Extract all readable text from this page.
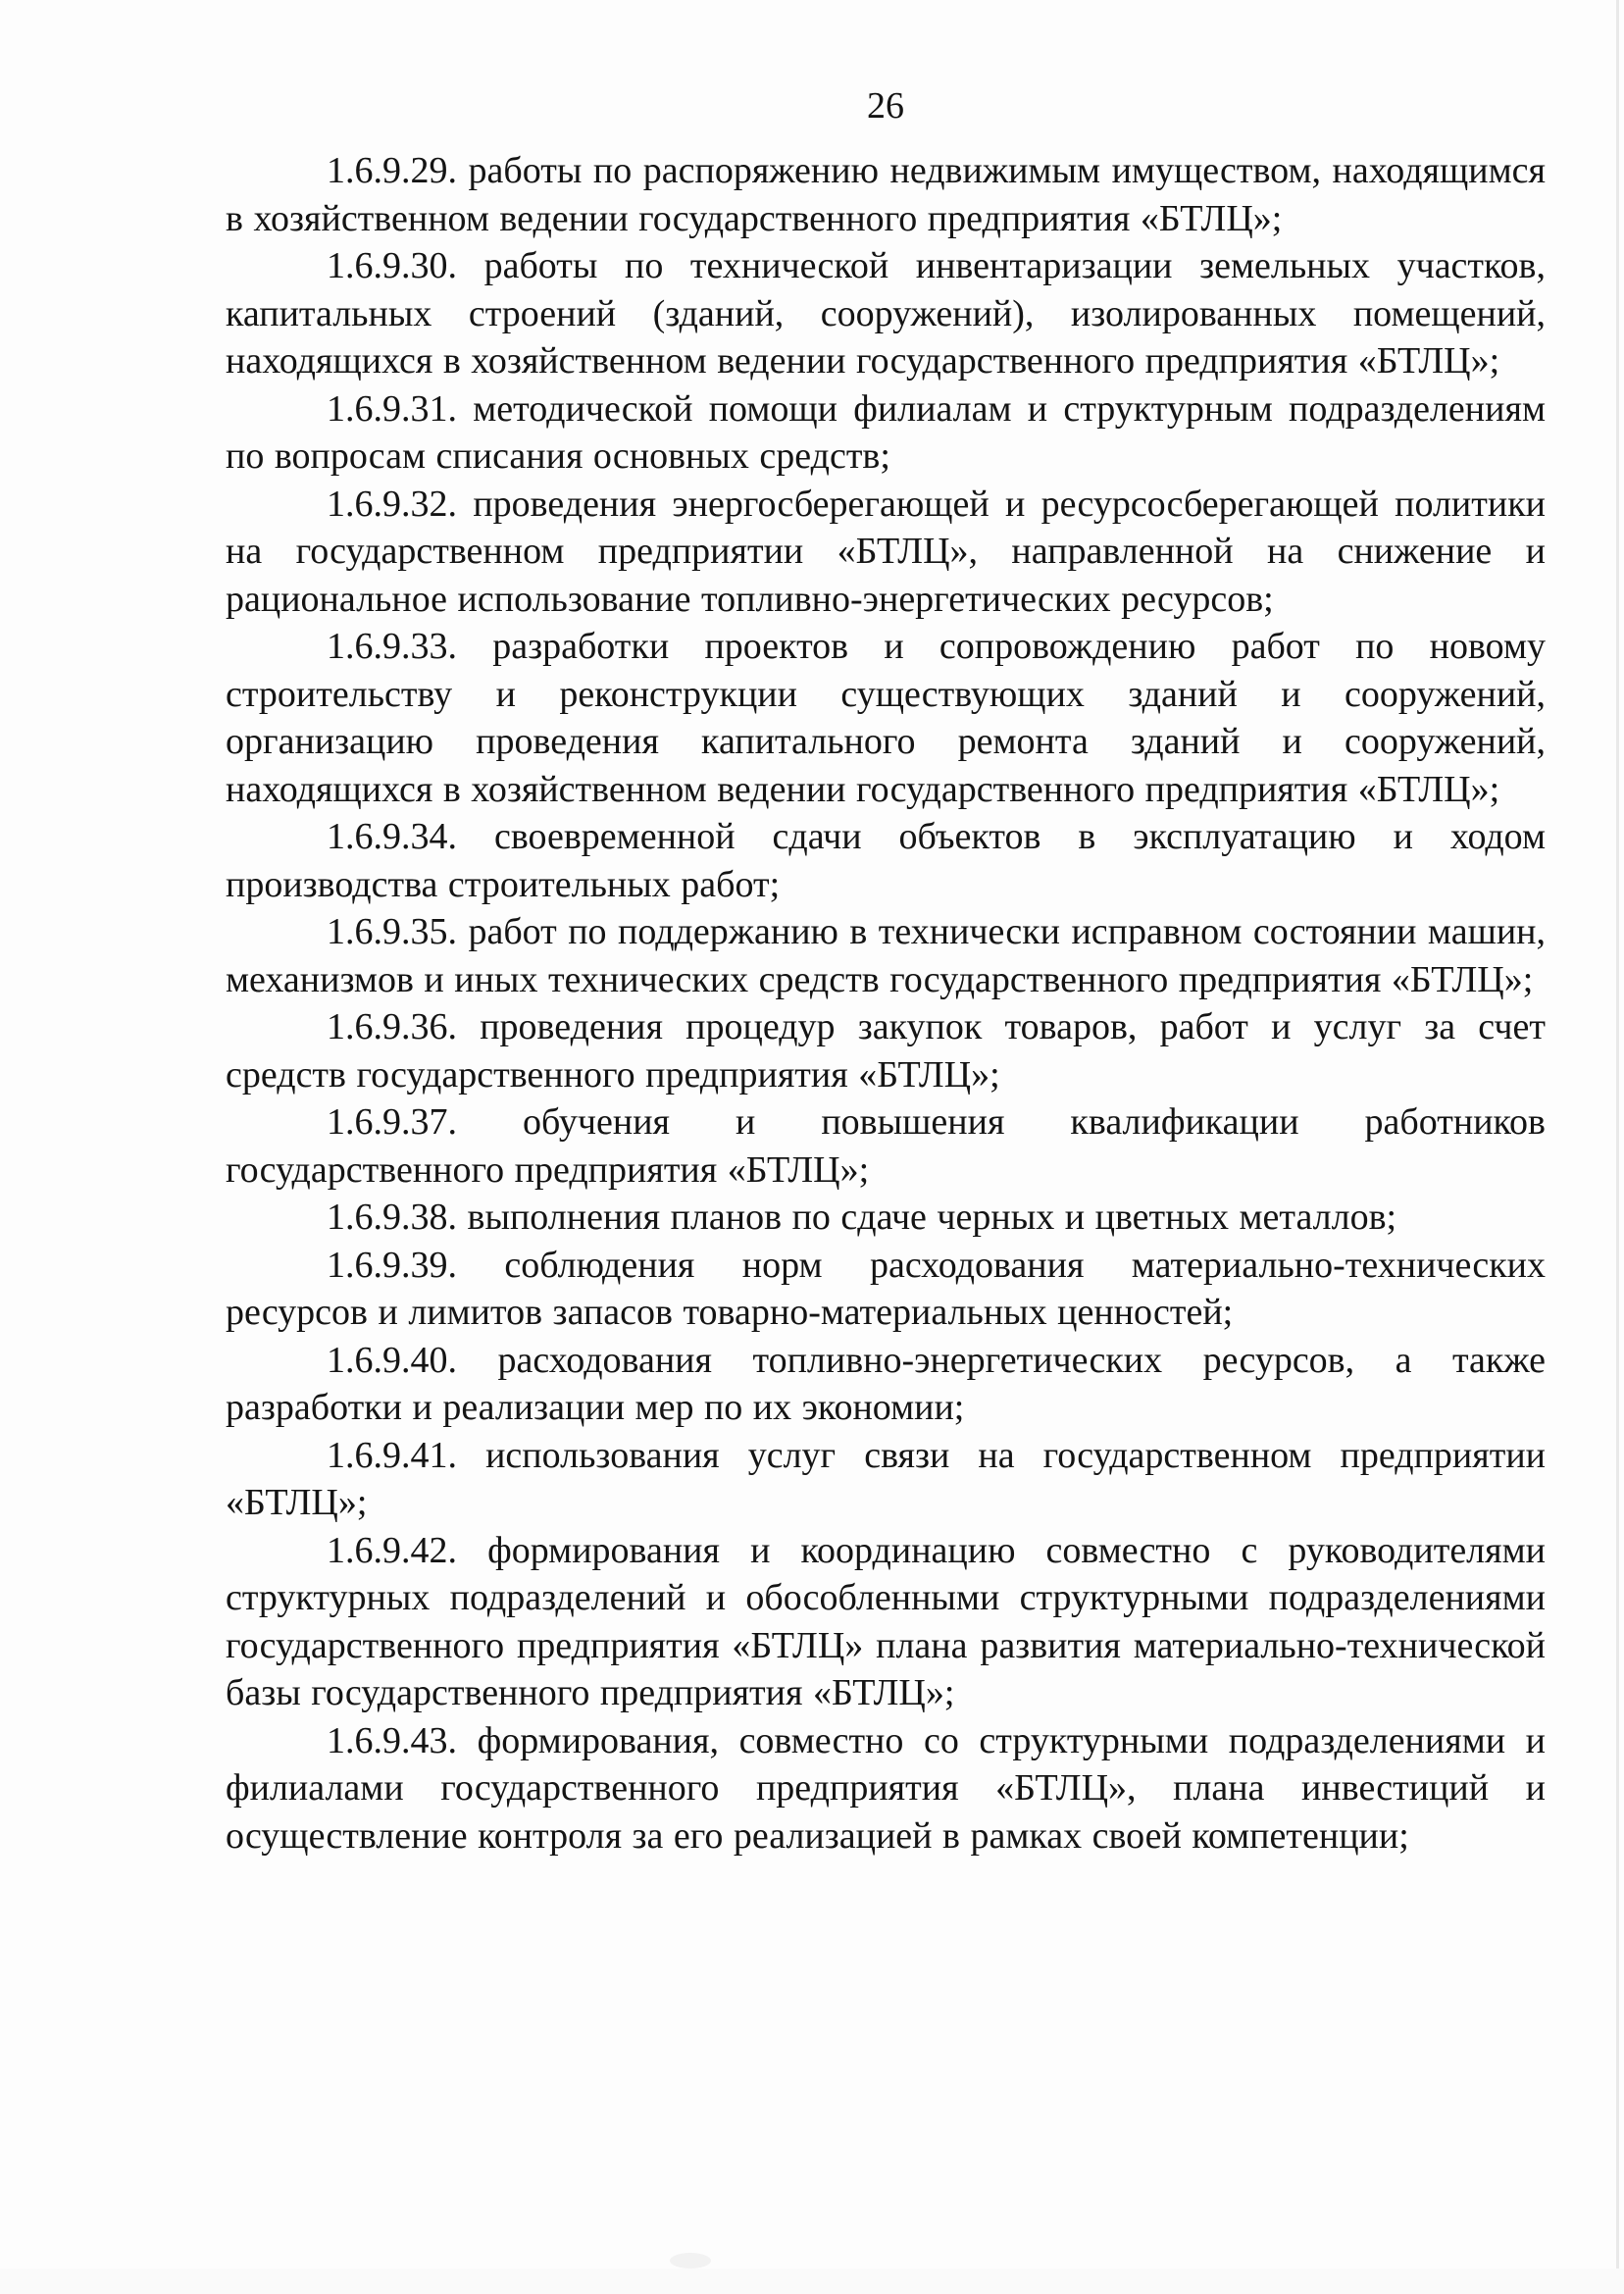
26

1.6.9.29. работы по распоряжению недвижимым имуществом, находящимся в хозяйственном ведении государственного предприятия «БТЛЦ»;

1.6.9.30. работы по технической инвентаризации земельных участков, капитальных строений (зданий, сооружений), изолированных помещений, находящихся в хозяйственном ведении государственного предприятия «БТЛЦ»;

1.6.9.31. методической помощи филиалам и структурным подразделениям по вопросам списания основных средств;

1.6.9.32. проведения энергосберегающей и ресурсосберегающей политики на государственном предприятии «БТЛЦ», направленной на снижение и рациональное использование топливно-энергетических ресурсов;

1.6.9.33. разработки проектов и сопровождению работ по новому строительству и реконструкции существующих зданий и сооружений, организацию проведения капитального ремонта зданий и сооружений, находящихся в хозяйственном ведении государственного предприятия «БТЛЦ»;

1.6.9.34. своевременной сдачи объектов в эксплуатацию и ходом производства строительных работ;

1.6.9.35. работ по поддержанию в технически исправном состоянии машин, механизмов и иных технических средств государственного предприятия «БТЛЦ»;

1.6.9.36. проведения процедур закупок товаров, работ и услуг за счет средств государственного предприятия «БТЛЦ»;

1.6.9.37. обучения и повышения квалификации работников государственного предприятия «БТЛЦ»;

1.6.9.38. выполнения планов по сдаче черных и цветных металлов;

1.6.9.39. соблюдения норм расходования материально-технических ресурсов и лимитов запасов товарно-материальных ценностей;

1.6.9.40. расходования топливно-энергетических ресурсов, а также разработки и реализации мер по их экономии;

1.6.9.41. использования услуг связи на государственном предприятии «БТЛЦ»;

1.6.9.42. формирования и координацию совместно с руководителями структурных подразделений и обособленными структурными подразделениями государственного предприятия «БТЛЦ» плана развития материально-технической базы государственного предприятия «БТЛЦ»;

1.6.9.43. формирования, совместно со структурными подразделениями и филиалами государственного предприятия «БТЛЦ», плана инвестиций и осуществление контроля за его реализацией в рамках своей компетенции;
